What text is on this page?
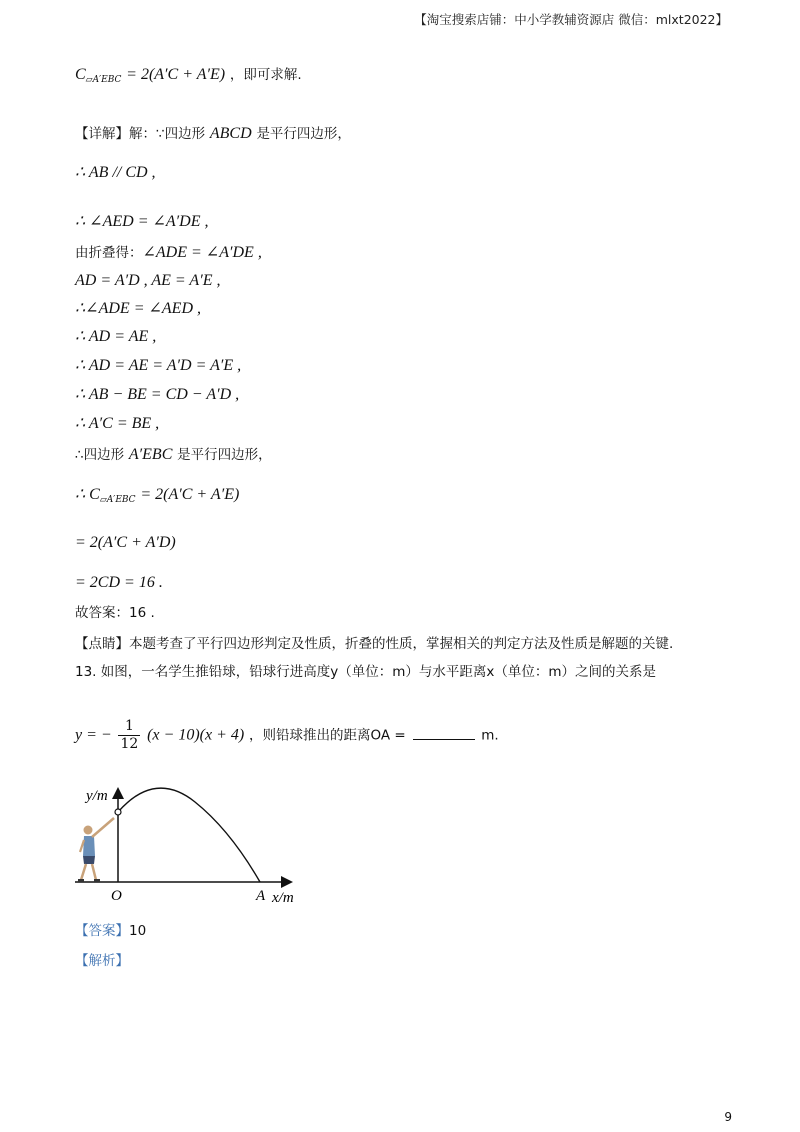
【淘宝搜索店铺：中小学教辅资源店 微信：mlxt2022】
$C_{▱A'EBC} = 2(A'C + A'E)$ ，即可求解.
【详解】解：∵四边形 ABCD 是平行四边形，
∴ AB // CD ,
∴ ∠AED = ∠A′DE ,
由折叠得：∠ADE = ∠A′DE ,
AD = A′D , AE = A′E ,
∴∠ADE = ∠AED ,
∴ AD = AE ,
∴ AD = AE = A′D = A′E ,
∴ AB − BE = CD − A′D ,
∴ A′C = BE ,
∴四边形 A′EBC 是平行四边形，
∴ $C_{▱A'EBC} = 2(A'C + A'E)$
= 2(A′C + A′D)
= 2CD = 16 .
故答案：16 .
【点睛】本题考查了平行四边形判定及性质，折叠的性质，掌握相关的判定方法及性质是解题的关键.
13. 如图，一名学生推铅球，铅球行进高度y（单位：m）与水平距离x（单位：m）之间的关系是
y = − $\frac{1}{12} (x - 10)(x + 4)$ ，则铅球推出的距离OA =	m.
y/m
A x/m
O
【答案】10
【解析】
9
